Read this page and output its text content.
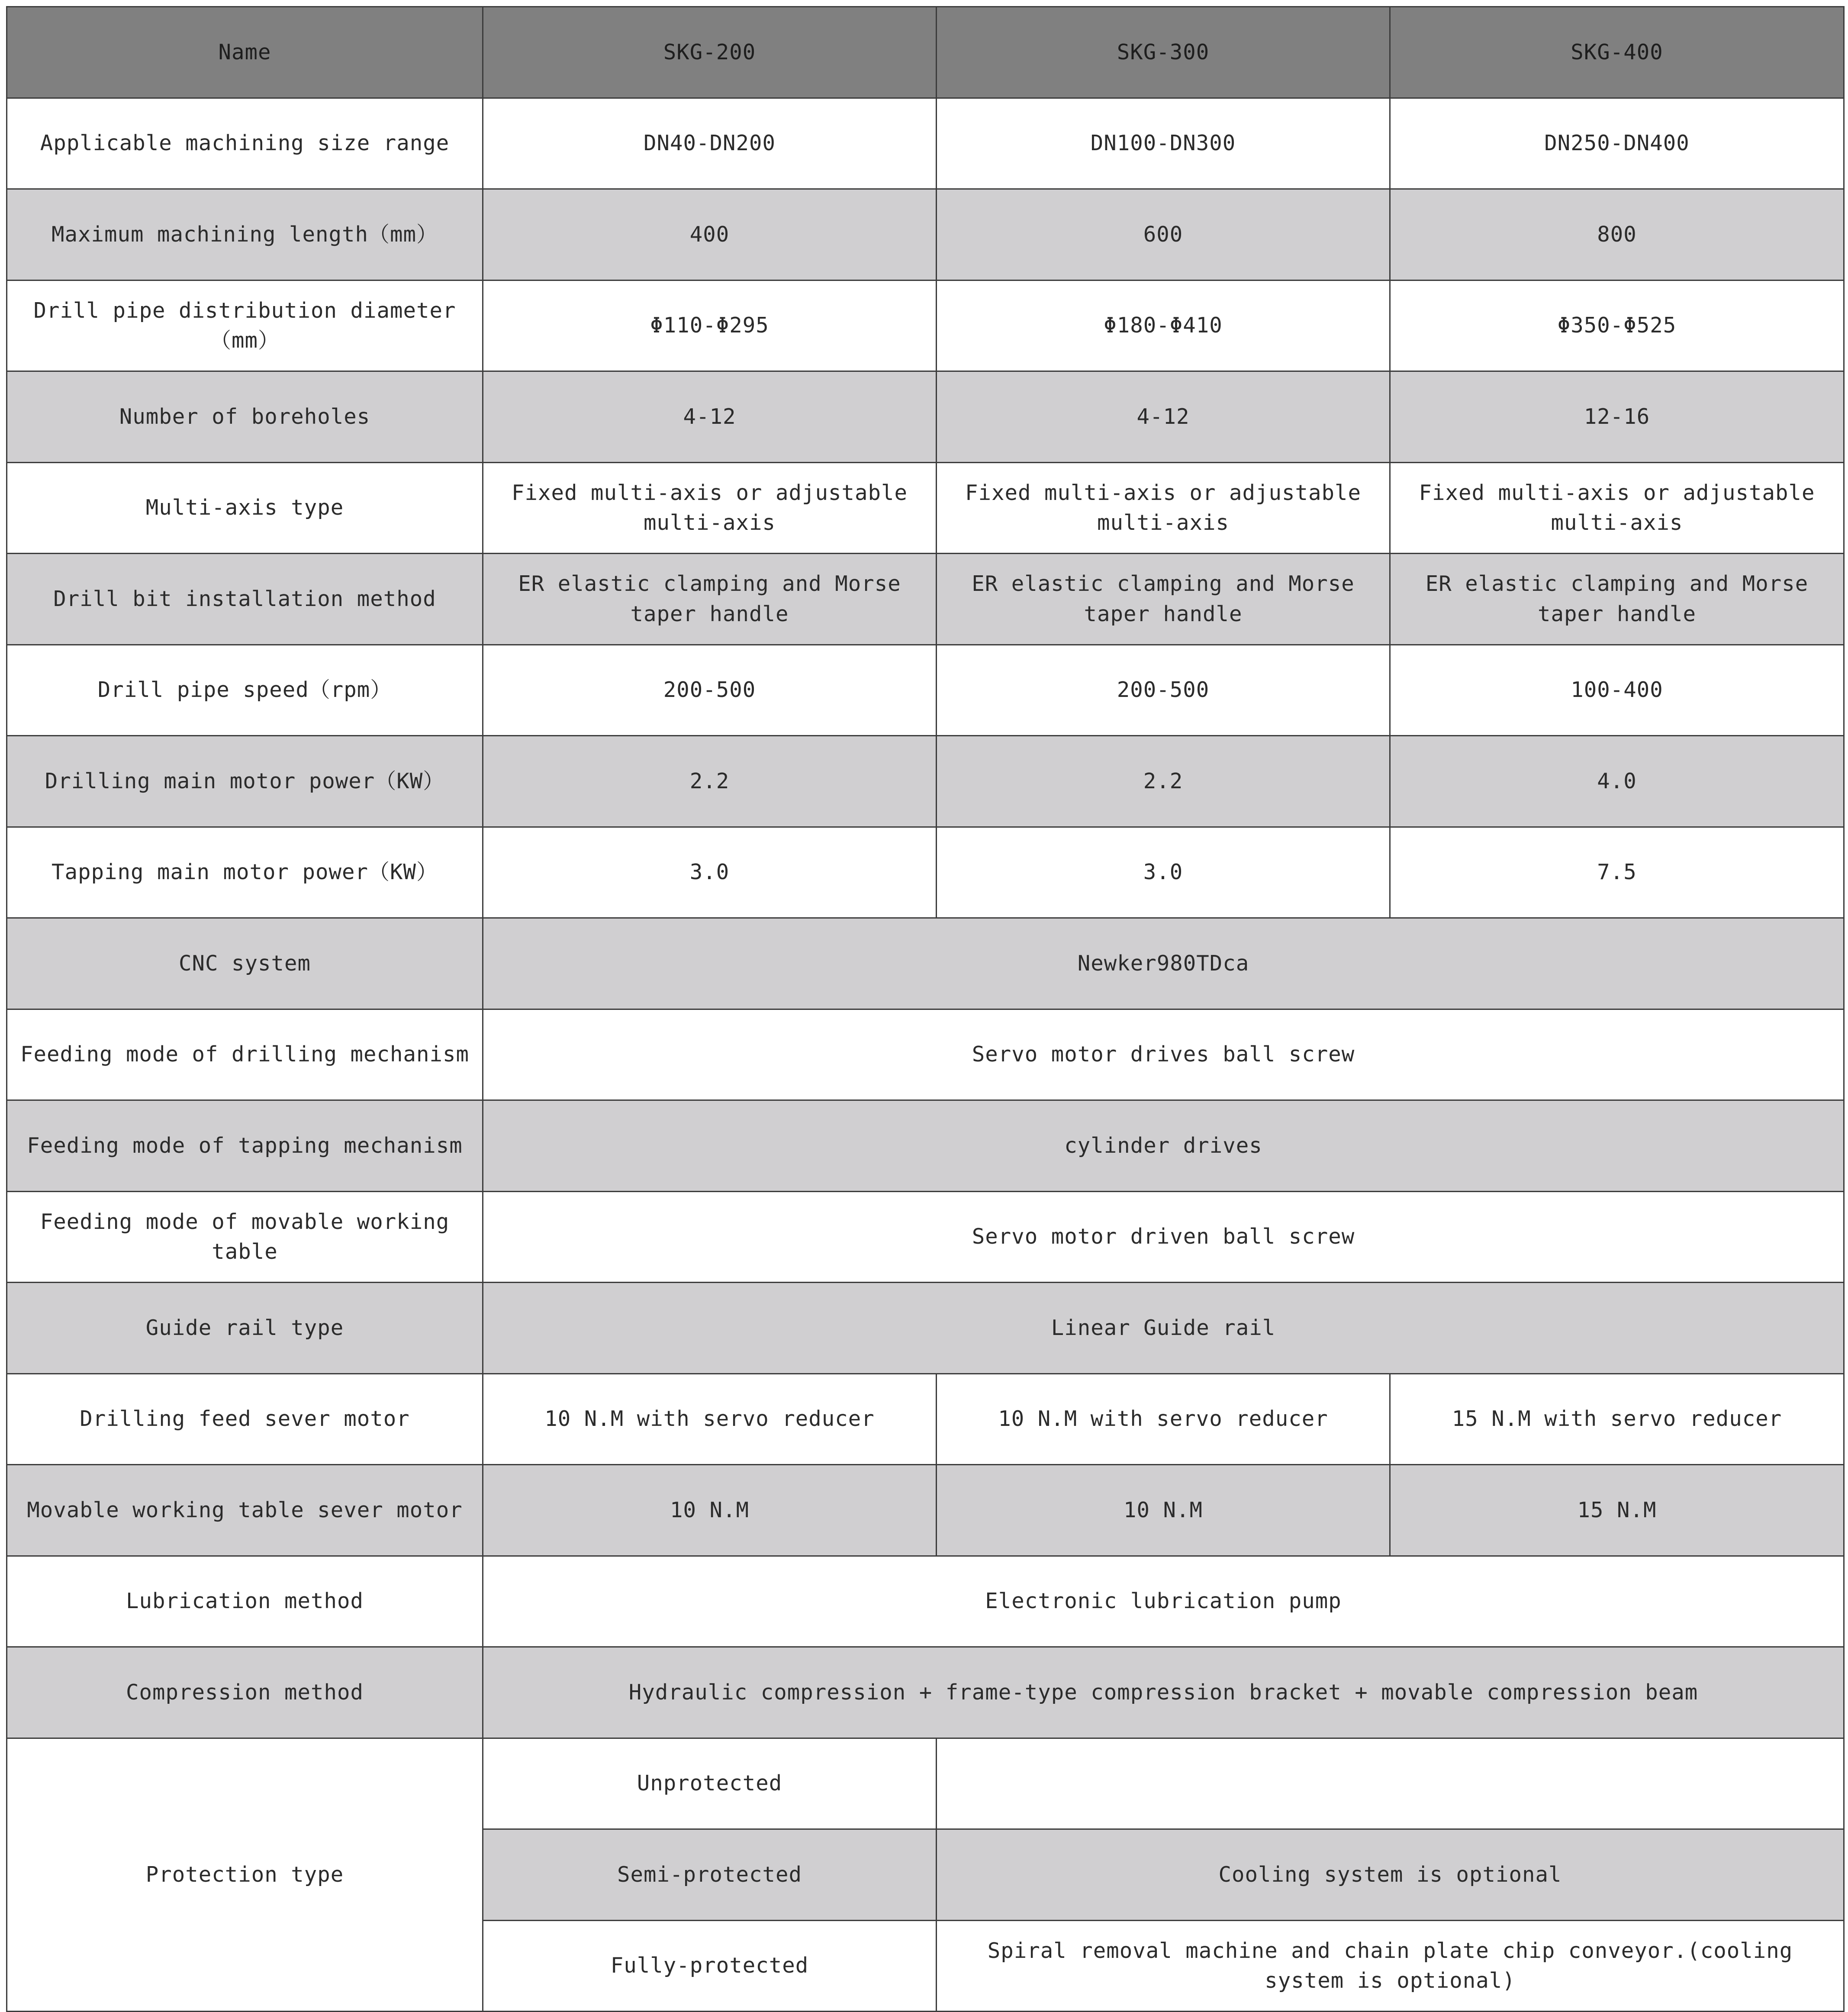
Name	SKG-200	SKG-300	SKG-400
Applicable machining size range	DN40-DN200	DN100-DN300	DN250-DN400
Maximum machining length（mm）	400	600	800
Drill pipe distribution diameter（mm）	Φ110-Φ295	Φ180-Φ410	Φ350-Φ525
Number of boreholes	4-12	4-12	12-16
Multi-axis type	Fixed multi-axis or adjustable multi-axis	Fixed multi-axis or adjustable multi-axis	Fixed multi-axis or adjustable multi-axis
Drill bit installation method	ER elastic clamping and Morse taper handle	ER elastic clamping and Morse taper handle	ER elastic clamping and Morse taper handle
Drill pipe speed（rpm）	200-500	200-500	100-400
Drilling main motor power（KW）	2.2	2.2	4.0
Tapping main motor power（KW）	3.0	3.0	7.5
CNC system	Newker980TDca		
Feeding mode of drilling mechanism	Servo motor drives ball screw		
Feeding mode of tapping mechanism	cylinder drives		
Feeding mode of movable working table	Servo motor driven ball screw		
Guide rail type	Linear Guide rail		
Drilling feed sever motor	10 N.M with servo reducer	10 N.M with servo reducer	15 N.M with servo reducer
Movable working table sever motor	10 N.M	10 N.M	15 N.M
Lubrication method	Electronic lubrication pump		
Compression method	Hydraulic compression + frame-type compression bracket + movable compression beam		
Protection type	Unprotected		
	Semi-protected	Cooling system is optional	
	Fully-protected	Spiral removal machine and chain plate chip conveyor.(cooling system is optional)	
